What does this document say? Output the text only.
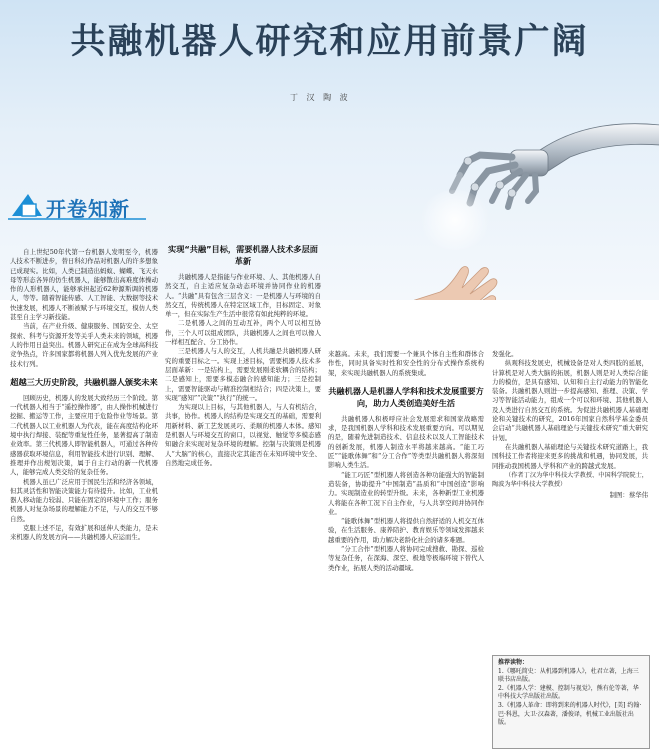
共融机器人研究和应用前景广阔
丁 汉 陶 波
开卷知新

自上世纪50年代第一台机器人发明至今，机器人技术不断进步，替日科幻作品对机器人的许多想象已成现实。比如，人类已制造出蚂蚁、蝴蝶、飞天水母等形态各异的仿生机器人，能够散出高难度体操动作的人形机器人，能够承担起近62种源斯调的机器人，等等。随着智能传感、人工智能、大数据等技术快速发展，机器人不断被赋予与环境交互，模仿人类甚至自主学习新技能。

当前，在产业升级、健康服务、国防安全、太空探索、科考与资源开发等关乎人类未来的领域，机器人的作用日益突出。机器人研究正在成为全球高科技竞争热点，许多国家都将机器人列入优先发展的产业技术行列。

超越三大历史阶段，共融机器人颁奖未来

回顾历史，机器人的发展大致经历三个阶段。第一代机器人相当于“遥控操作器”，由人操作机械进行挖掘、搬运等工作，主要应用于危险作业等场景。第二代机器人以工业机器人为代表，能在高度结构化环境中执行焊接、装配等重复性任务，显著提高了制造业效率。第三代机器人即智能机器人，可通过各种传感器获取环境信息，利用智能技术进行识别、理解、推理并作出规划决策，属于自主行动的新一代机器人，能够完成人类交给的复杂任务。

机器人虽已广泛应用于国民生活和经济各领域，但其灵活性和智能决策能力有待提升。比如，工业机器人移动能力较弱、只能在固定的环境中工作；服务机器人对复杂场景的理解能力不足，与人的交互不够自然。

克服上述不足，有效扩展和延伸人类能力，是未来机器人的发展方向——共融机器人应运而生。

实现“共融”目标，需要机器人技术多层面革新

共融机器人是指能与作业环境、人、其他机器人自然交互，自主适应复杂动态环境并协同作业的机器人。“共融”具有包含三层含义：一是机器人与环境的自然交互，传统机器人在特定区域工作，目标固定、对象单一，但在实际生产生活中很常有如此纯粹的环境。

二是机器人之间的互动互补，两个人可以相互协作，三个人可以组成团队，共融机器人之间也可以像人一样相互配合、分工协作。

三是机器人与人的交互，人机共融是共融机器人研究的重要目标之一。实现上述目标，需要机器人技术多层面革新：一是结构上，需要发展刚柔软耦合的结构；二是感知上，需要多模态融合的感知能力；三是控制上，需要智能驱动与精准控制相结合；四是决策上，要实现“感知”“决策”“执行”的统一。

为实现以上目标，与其他机器人，与人有机结合，共事，协作。机器人的结构是实现交互的基础，需要利用新材料、新工艺发展灵巧、柔顺的机器人本体。感知是机器人与环境交互的窗口，以视觉、触觉等多模态感知融合来实现对复杂环境的理解。控制与决策则是机器人“大脑”的核心，直接决定其能否在未知环境中安全、自然地完成任务。

来越高。未来，我们需要一个兼具个体自主性和群体合作性，同时具备实时性和安全性的分布式操作系统构架，来实现共融机器人的系统集成。

共融机器人是机器人学科和技术发展重要方向，助力人类创造美好生活

共融机器人积极呼应社会发展需求和国家战略需求，是我国机器人学科和技术发展重要方向。可以期见的是，随着先进制造技术、信息技术以及人工智能技术的创新发展，机器人制造水平将越来越高。“能工巧匠”“能歌体舞”和“分工合作”等类型共融机器人将深刻影响人类生活。

“能工巧匠”型机器人将创造各种功能强大的智能制造装备，协助提升“中国制造”品质和“中国创造”影响力。实现制造业的转型升级。未来，各种新型工业机器人将能在各种工况下自主作业，与人共享空间并协同作业。

“能歌体舞”型机器人将提供自然舒适的人机交互体验，在生活服务、康养陪护、教育娱乐等领域发挥越来越重要的作用，助力解决老龄化社会的诸多难题。

“分工合作”型机器人将协同完成搜救、勘探、巡检等复杂任务，在深海、深空、极地等极端环境下替代人类作业，拓展人类的活动疆域。

发强化。

纵观科技发展史，机械设备是对人类四肢的延展，计算机是对人类大脑的拓展，机器人则是对人类综合能力的模仿，是具有感知、认知和自主行动能力的智能化装备。共融机器人则进一步提高感知、推理、决策、学习等智能活动能力，组成一个可以和环境、其他机器人及人类进行自然交互的系统。为促进共融机器人基础理论和关键技术的研究，2016年国家自然科学基金委员会启动“共融机器人基础理论与关键技术研究”重大研究计划。

在共融机器人基础理论与关键技术研究道路上，我国科技工作者将迎来更多的挑战和机遇，协同发展，共同推动我国机器人学科和产业的跨越式发展。

（作者丁汉为华中科技大学教授、中国科学院院士，陶波为华中科技大学教授）

制图：蔡华伟
推荐读物：
1.《哪吒简史：从机器到机器人》，杜君立著，上海三联书店出版。
2.《机器人学：建模、控制与视觉》，熊有伦等著，华中科技大学出版社出版。
3.《机器人革命：即将到来的机器人时代》，[美] 约翰·巴·科恩，大卫·汉森著，潘俊译，机械工业出版社出版。
